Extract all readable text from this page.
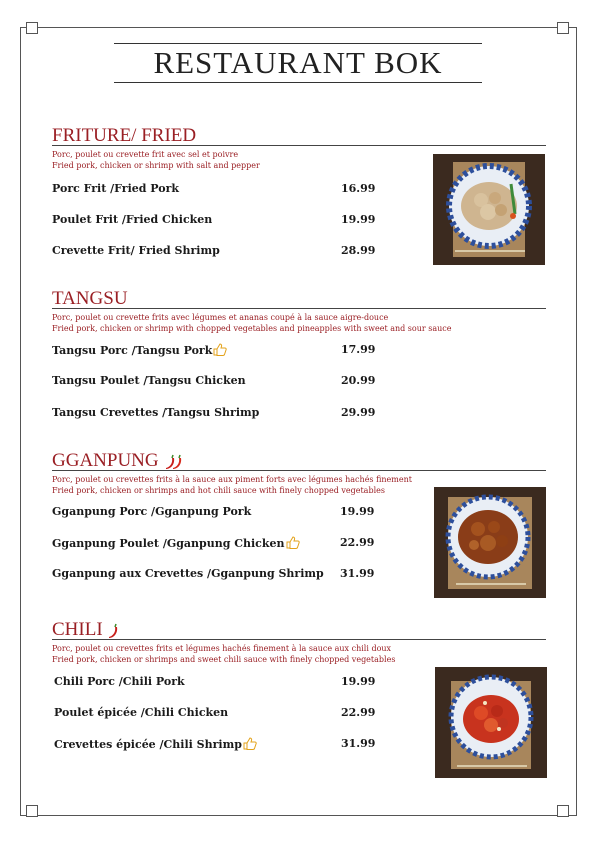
RESTAURANT BOK
FRITURE/ FRIED
Porc, poulet ou crevette frit avec sel et poivre
Fried pork, chicken or shrimp with salt and pepper
Porc Frit /Fried Pork	16.99
Poulet Frit /Fried Chicken	19.99
Crevette Frit/ Fried Shrimp	28.99
TANGSU
Porc, poulet ou crevette frits avec légumes et ananas coupé à la sauce aigre-douce
Fried pork, chicken or shrimp with chopped vegetables and pineapples with sweet and sour sauce
Tangsu Porc /Tangsu Pork	17.99
Tangsu Poulet /Tangsu Chicken	20.99
Tangsu Crevettes /Tangsu Shrimp	29.99
GGANPUNG
Porc, poulet ou crevettes frits à la sauce aux piment forts avec légumes hachés finement
Fried pork, chicken or shrimps and hot chili sauce with finely chopped vegetables
Gganpung Porc /Gganpung Pork	19.99
Gganpung Poulet /Gganpung Chicken	22.99
Gganpung aux Crevettes /Gganpung Shrimp 31.99
CHILI
Porc, poulet ou crevettes frits et légumes hachés finement à la sauce aux chili doux
Fried pork, chicken or shrimps and sweet chili sauce with finely chopped vegetables
Chili Porc /Chili Pork	19.99
Poulet épicée /Chili Chicken	22.99
Crevettes épicée /Chili Shrimp	31.99
